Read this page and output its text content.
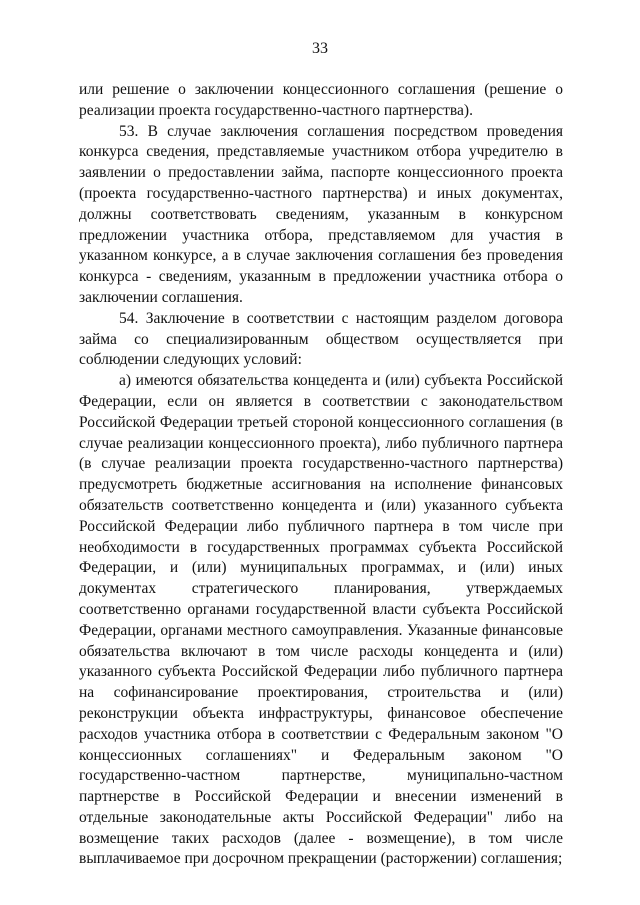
33

или решение о заключении концессионного соглашения (решение о реализации проекта государственно-частного партнерства).

53. В случае заключения соглашения посредством проведения конкурса сведения, представляемые участником отбора учредителю в заявлении о предоставлении займа, паспорте концессионного проекта (проекта государственно-частного партнерства) и иных документах, должны соответствовать сведениям, указанным в конкурсном предложении участника отбора, представляемом для участия в указанном конкурсе, а в случае заключения соглашения без проведения конкурса - сведениям, указанным в предложении участника отбора о заключении соглашения.

54. Заключение в соответствии с настоящим разделом договора займа со специализированным обществом осуществляется при соблюдении следующих условий:

а) имеются обязательства концедента и (или) субъекта Российской Федерации, если он является в соответствии с законодательством Российской Федерации третьей стороной концессионного соглашения (в случае реализации концессионного проекта), либо публичного партнера (в случае реализации проекта государственно-частного партнерства) предусмотреть бюджетные ассигнования на исполнение финансовых обязательств соответственно концедента и (или) указанного субъекта Российской Федерации либо публичного партнера в том числе при необходимости в государственных программах субъекта Российской Федерации, и (или) муниципальных программах, и (или) иных документах стратегического планирования, утверждаемых соответственно органами государственной власти субъекта Российской Федерации, органами местного самоуправления. Указанные финансовые обязательства включают в том числе расходы концедента и (или) указанного субъекта Российской Федерации либо публичного партнера на софинансирование проектирования, строительства и (или) реконструкции объекта инфраструктуры, финансовое обеспечение расходов участника отбора в соответствии с Федеральным законом "О концессионных соглашениях" и Федеральным законом "О государственно-частном партнерстве, муниципально-частном партнерстве в Российской Федерации и внесении изменений в отдельные законодательные акты Российской Федерации" либо на возмещение таких расходов (далее - возмещение), в том числе выплачиваемое при досрочном прекращении (расторжении) соглашения;
